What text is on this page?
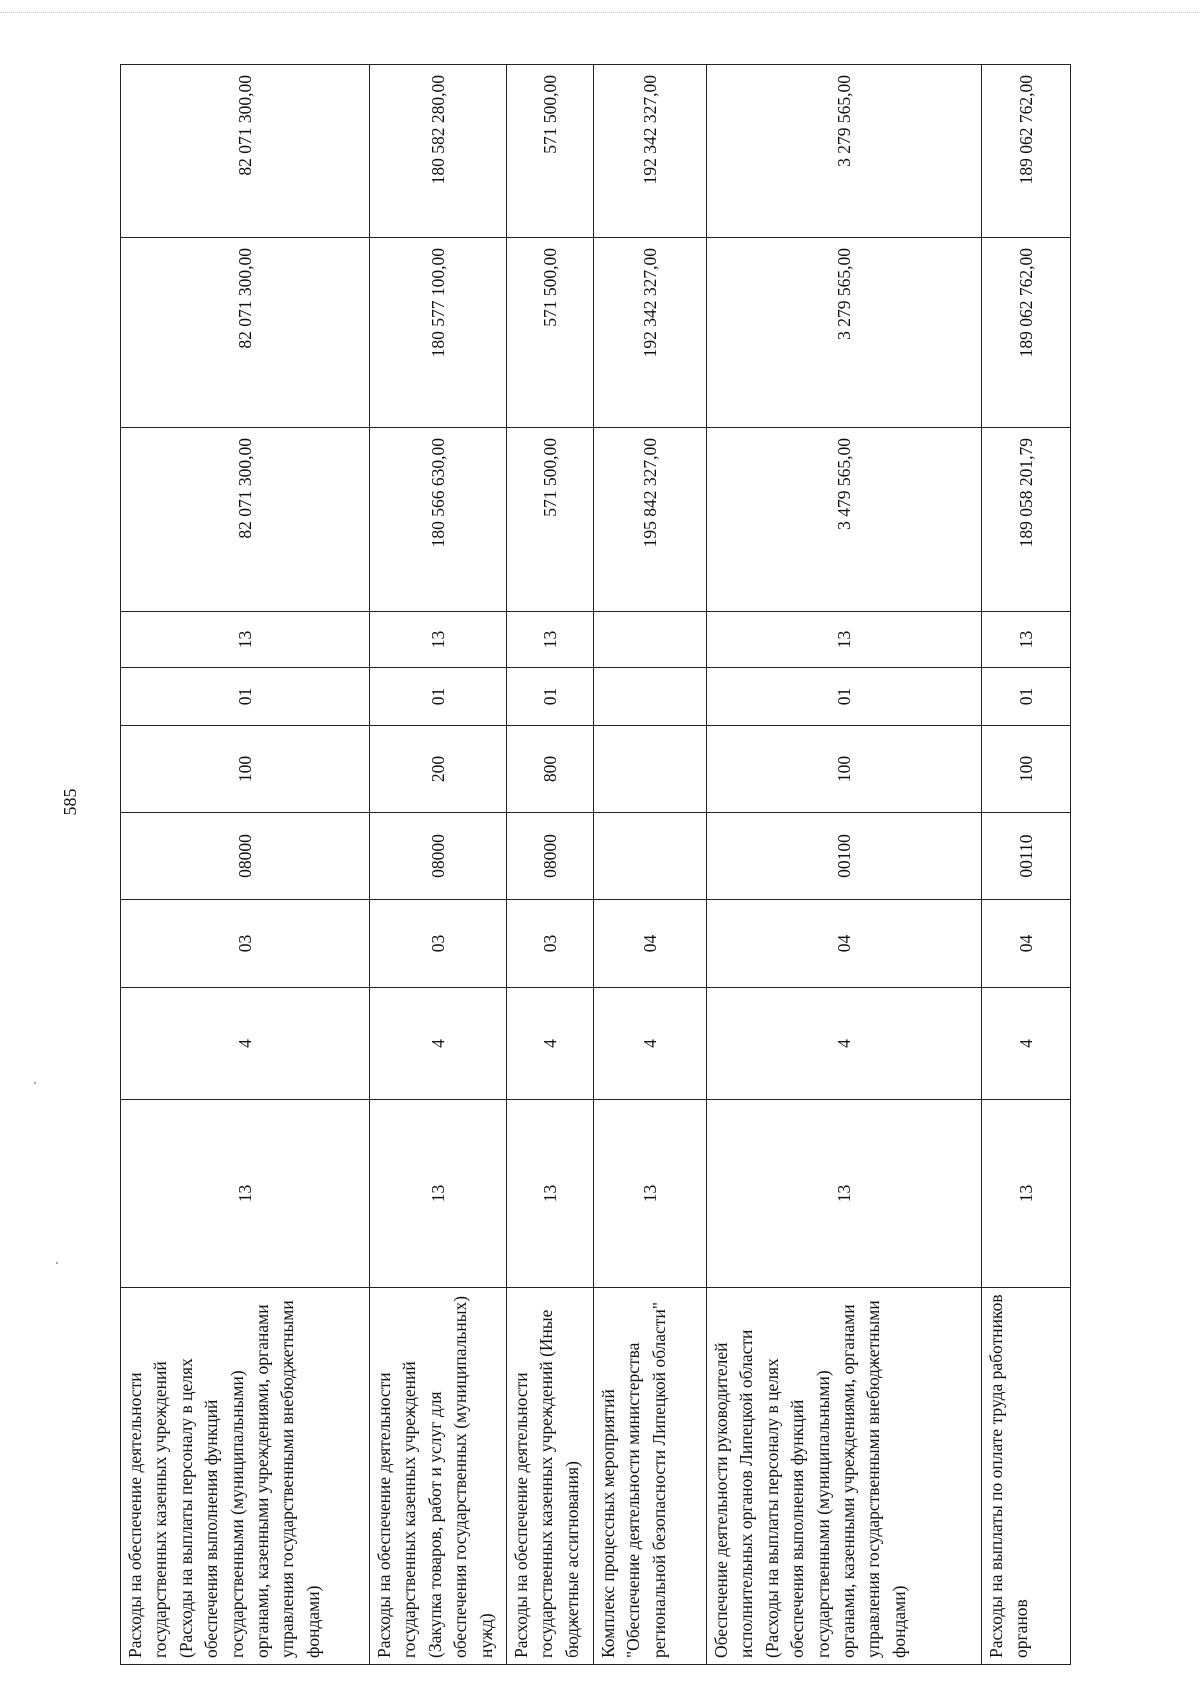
585
Расходы на обеспечение деятельности государственных казенных учреждений (Расходы на выплаты персоналу в целях обеспечения выполнения функций государственными (муниципальными) органами, казенными учреждениями, органами управления государственными внебюджетными фондами)	13	4	03	08000	100	01	13	82 071 300,00	82 071 300,00	82 071 300,00
Расходы на обеспечение деятельности государственных казенных учреждений (Закупка товаров, работ и услуг для обеспечения государственных (муниципальных) нужд)	13	4	03	08000	200	01	13	180 566 630,00	180 577 100,00	180 582 280,00
Расходы на обеспечение деятельности государственных казенных учреждений (Иные бюджетные ассигнования)	13	4	03	08000	800	01	13	571 500,00	571 500,00	571 500,00
Комплекс процессных мероприятий "Обеспечение деятельности министерства региональной безопасности Липецкой области"	13	4	04					195 842 327,00	192 342 327,00	192 342 327,00
Обеспечение деятельности руководителей исполнительных органов Липецкой области (Расходы на выплаты персоналу в целях обеспечения выполнения функций государственными (муниципальными) органами, казенными учреждениями, органами управления государственными внебюджетными фондами)	13	4	04	00100	100	01	13	3 479 565,00	3 279 565,00	3 279 565,00
Расходы на выплаты по оплате труда работников органов	13	4	04	00110	100	01	13	189 058 201,79	189 062 762,00	189 062 762,00
